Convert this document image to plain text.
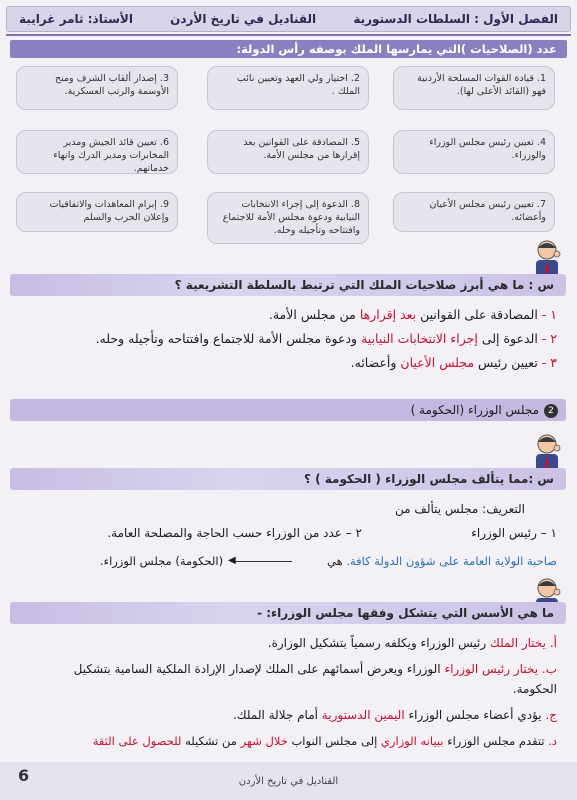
الفصل الأول : السلطات الدستورية
القناديل في تاريخ الأردن
الأستاذ: ثامر غرايبة
عدد (الصلاحيات )التي يمارسها الملك بوصفه رأس الدولة:
1. قيادة القوات المسلحة الأردنية فهو (القائد الأعلى لها).
2. اختيار ولي العهد وتعيين نائب الملك .
3. إصدار ألقاب الشرف ومنح الأوسمة والرتب العسكرية.
4. تعيين رئيس مجلس الوزراء والوزراء.
5. المصادقة على القوانين بعد إقرارها من مجلس الأمة.
6. تعيين قائد الجيش ومدير المخابرات ومدير الدرك وانهاء خدماتهم.
7. تعيين رئيس مجلس الأعيان وأعضائه.
8. الدعوة إلى إجراء الانتخابات النيابية ودعوة مجلس الأمة للاجتماع وافتتاحه وتأجيله وحله.
9. إبرام المعاهدات والاتفاقيات وإعلان الحرب والسلم
س : ما هي أبرز صلاحيات الملك التي ترتبط بالسلطة التشريعية ؟
١ - المصادقة على القوانين بعد إقرارها من مجلس الأمة.
٢ - الدعوة إلى إجراء الانتخابات النيابية ودعوة مجلس الأمة للاجتماع وافتتاحه وتأجيله وحله.
٣ - تعيين رئيس مجلس الأعيان وأعضائه.
2مجلس الوزراء (الحكومة )
س :مما يتألف مجلس الوزراء ( الحكومة ) ؟
التعريف: مجلس يتألف من
١ – رئيس الوزراء
٢ – عدد من الوزراء حسب الحاجة والمصلحة العامة.
صاحبة الولاية العامة على شؤون الدولة كافة. هي
◀
(الحكومة) مجلس الوزراء.
ما هي الأسس التي يتشكل وفقها مجلس الوزراء: -
أ. يختار الملك رئيس الوزراء ويكلفه رسمياً بتشكيل الوزارة.
ب. يختار رئيس الوزراء الوزراء ويعرض أسمائهم على الملك لإصدار الإرادة الملكية السامية بتشكيل
الحكومة.
ج. يؤدي أعضاء مجلس الوزراء اليمين الدستورية أمام جلالة الملك.
د. تتقدم مجلس الوزراء ببيانه الوزاري إلى مجلس النواب خلال شهر من تشكيله للحصول على الثقة
6	القناديل في تاريخ الأردن
